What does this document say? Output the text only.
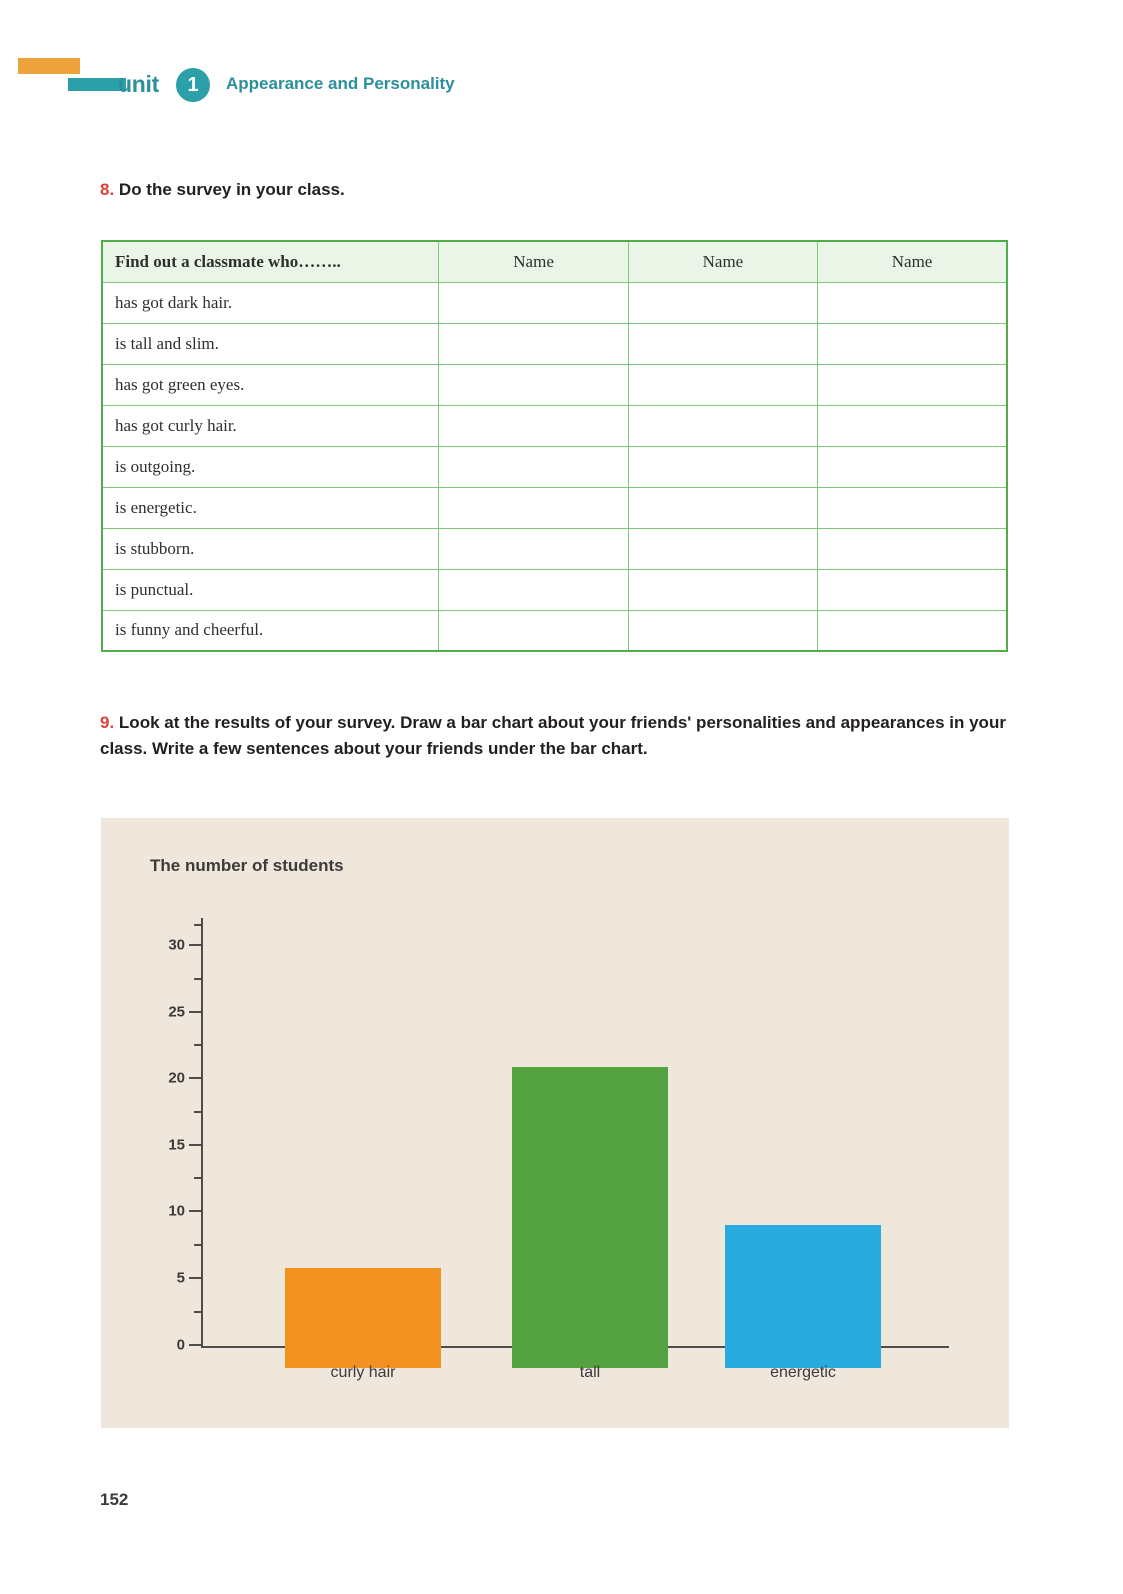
unit	1	Appearance and Personality
8. Do the survey in your class.
Find out a classmate who……..	Name	Name	Name
has got dark hair.			
is tall and slim.			
has got green eyes.			
has got curly hair.			
is outgoing.			
is energetic.			
is stubborn.			
is punctual.			
is funny and cheerful.			
9. Look at the results of your survey. Draw a bar chart about your friends' personalities and appearances in your class. Write a few sentences about your friends under the bar chart.
The number of students
0
5
10
15
20
25
30
curly hair	tall	energetic
152
